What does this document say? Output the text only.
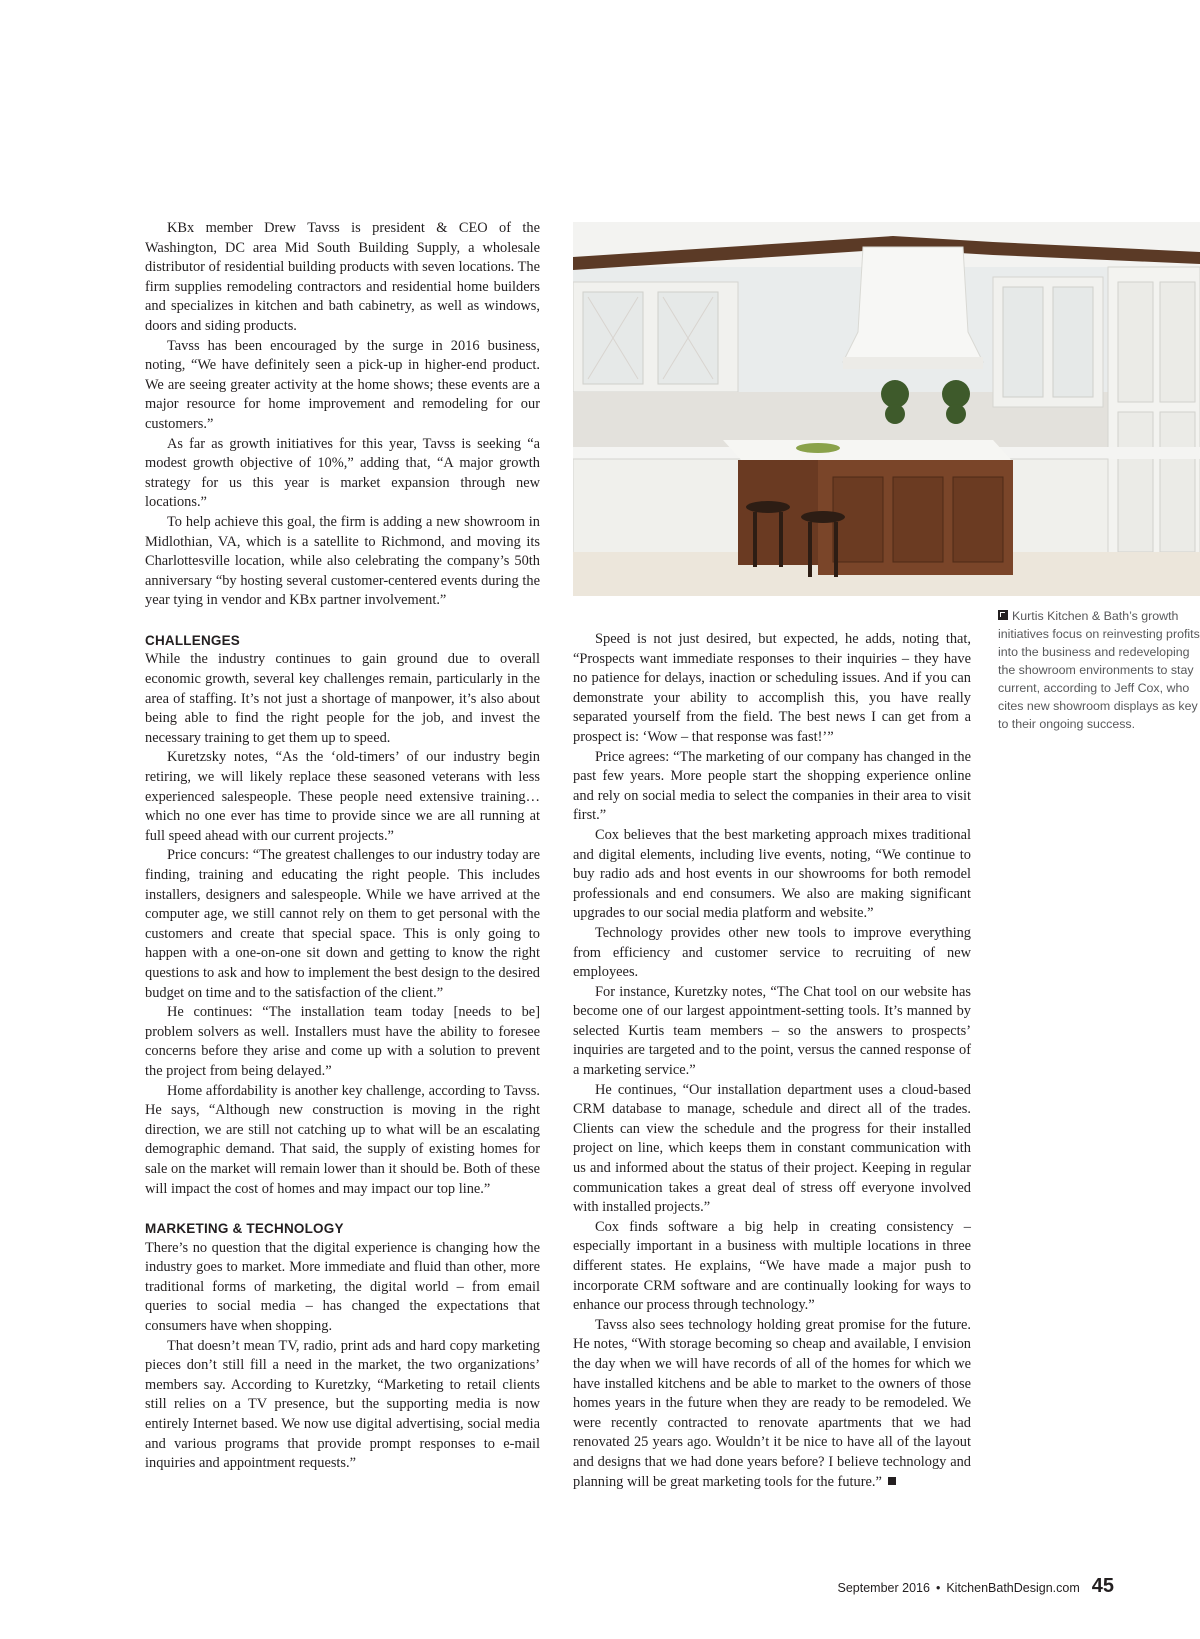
KBx member Drew Tavss is president & CEO of the Washington, DC area Mid South Building Supply, a wholesale distributor of residential building products with seven locations. The firm supplies remodeling contractors and residential home builders and specializes in kitchen and bath cabinetry, as well as windows, doors and siding products.

Tavss has been encouraged by the surge in 2016 business, noting, “We have definitely seen a pick-up in higher-end product. We are seeing greater activity at the home shows; these events are a major resource for home improvement and remodeling for our customers.”

As far as growth initiatives for this year, Tavss is seeking “a modest growth objective of 10%,” adding that, “A major growth strategy for us this year is market expansion through new locations.”

To help achieve this goal, the firm is adding a new showroom in Midlothian, VA, which is a satellite to Richmond, and moving its Charlottesville location, while also celebrating the company’s 50th anniversary “by hosting several customer-centered events during the year tying in vendor and KBx partner involvement.”

CHALLENGES

While the industry continues to gain ground due to overall economic growth, several key challenges remain, particularly in the area of staffing. It’s not just a shortage of manpower, it’s also about being able to find the right people for the job, and invest the necessary training to get them up to speed.

Kuretzsky notes, “As the ‘old-timers’ of our industry begin retiring, we will likely replace these seasoned veterans with less experienced salespeople. These people need extensive training…which no one ever has time to provide since we are all running at full speed ahead with our current projects.”

Price concurs: “The greatest challenges to our industry today are finding, training and educating the right people. This includes installers, designers and salespeople. While we have arrived at the computer age, we still cannot rely on them to get personal with the customers and create that special space. This is only going to happen with a one-on-one sit down and getting to know the right questions to ask and how to implement the best design to the desired budget on time and to the satisfaction of the client.”

He continues: “The installation team today [needs to be] problem solvers as well. Installers must have the ability to foresee concerns before they arise and come up with a solution to prevent the project from being delayed.”

Home affordability is another key challenge, according to Tavss. He says, “Although new construction is moving in the right direction, we are still not catching up to what will be an escalating demographic demand. That said, the supply of existing homes for sale on the market will remain lower than it should be. Both of these will impact the cost of homes and may impact our top line.”

MARKETING & TECHNOLOGY

There’s no question that the digital experience is changing how the industry goes to market. More immediate and fluid than other, more traditional forms of marketing, the digital world – from email queries to social media – has changed the expectations that consumers have when shopping.

That doesn’t mean TV, radio, print ads and hard copy marketing pieces don’t still fill a need in the market, the two organizations’ members say. According to Kuretzky, “Marketing to retail clients still relies on a TV presence, but the supporting media is now entirely Internet based. We now use digital advertising, social media and various programs that provide prompt responses to e-mail inquiries and appointment requests.”

Kurtis Kitchen & Bath’s growth initiatives focus on reinvesting profits into the business and redeveloping the showroom environments to stay current, according to Jeff Cox, who cites new showroom displays as key to their ongoing success.

Speed is not just desired, but expected, he adds, noting that, “Prospects want immediate responses to their inquiries – they have no patience for delays, inaction or scheduling issues. And if you can demonstrate your ability to accomplish this, you have really separated yourself from the field. The best news I can get from a prospect is: ‘Wow – that response was fast!’”

Price agrees: “The marketing of our company has changed in the past few years. More people start the shopping experience online and rely on social media to select the companies in their area to visit first.”

Cox believes that the best marketing approach mixes traditional and digital elements, including live events, noting, “We continue to buy radio ads and host events in our showrooms for both remodel professionals and end consumers. We also are making significant upgrades to our social media platform and website.”

Technology provides other new tools to improve everything from efficiency and customer service to recruiting of new employees.

For instance, Kuretzky notes, “The Chat tool on our website has become one of our largest appointment-setting tools. It’s manned by selected Kurtis team members – so the answers to prospects’ inquiries are targeted and to the point, versus the canned response of a marketing service.”

He continues, “Our installation department uses a cloud-based CRM database to manage, schedule and direct all of the trades. Clients can view the schedule and the progress for their installed project on line, which keeps them in constant communication with us and informed about the status of their project. Keeping in regular communication takes a great deal of stress off everyone involved with installed projects.”

Cox finds software a big help in creating consistency – especially important in a business with multiple locations in three different states. He explains, “We have made a major push to incorporate CRM software and are continually looking for ways to enhance our process through technology.”

Tavss also sees technology holding great promise for the future. He notes, “With storage becoming so cheap and available, I envision the day when we will have records of all of the homes for which we have installed kitchens and be able to market to the owners of those homes years in the future when they are ready to be remodeled. We were recently contracted to renovate apartments that we had renovated 25 years ago. Wouldn’t it be nice to have all of the layout and designs that we had done years before? I believe technology and planning will be great marketing tools for the future.”

September 2016 • KitchenBathDesign.com 45
